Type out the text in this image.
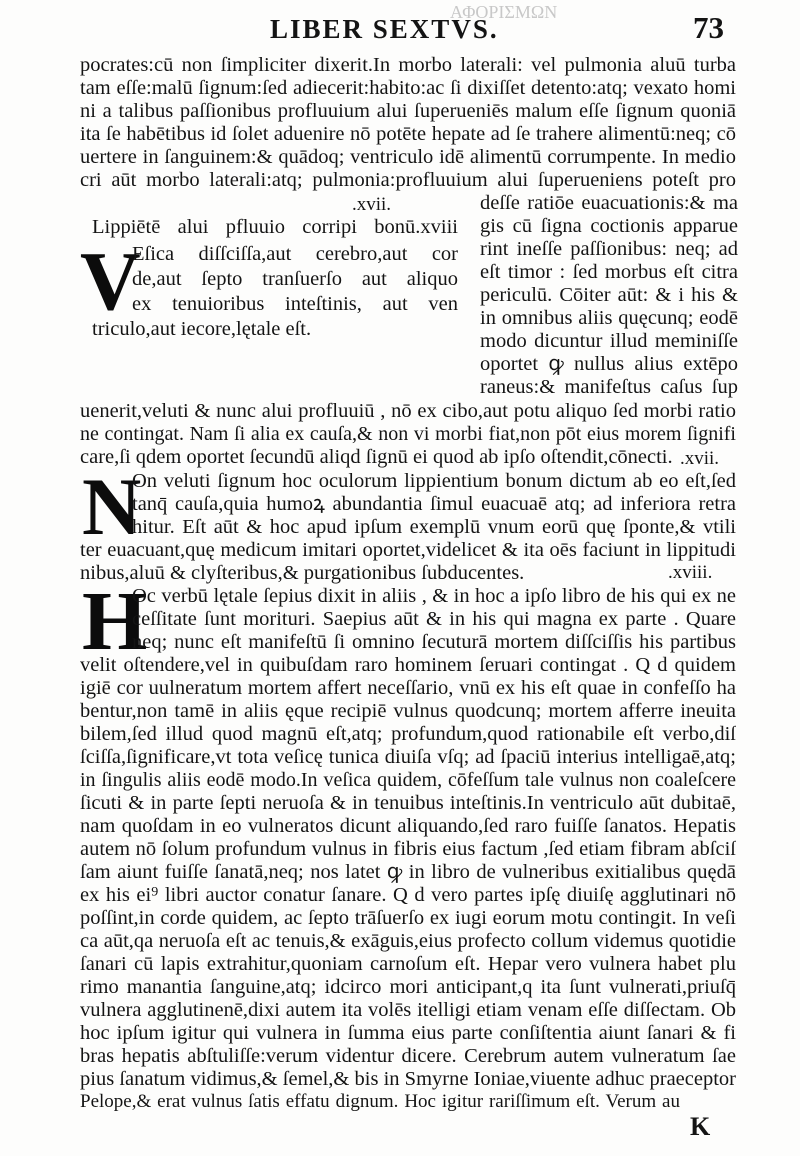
ΑΦΟΡΙΣΜΩΝ
LIBER SEXTVS.	73
pocrates:cū non ſimpliciter dixerit.In morbo laterali: vel pulmonia aluū turba
tam eſſe:malū ſignum:ſed adiecerit:habito:ac ſi dixiſſet detento:atq; vexato homi
ni a talibus paſſionibus profluuium alui ſuperueniēs malum eſſe ſignum quoniā
ita ſe habētibus id ſolet aduenire nō potēte hepate ad ſe trahere alimentū:neq; cō
uertere in ſanguinem:& quādoq; ventriculo idē alimentū corrumpente. In medio
cri aūt morbo laterali:atq; pulmonia:profluuium alui ſuperueniens poteſt pro
.xvii.
Lippiētē alui pfluuio corripi bonū.xviii
V
Eſica diſſciſſa,aut cerebro,aut cor
de,aut ſepto tranſuerſo aut aliquo
ex tenuioribus inteſtinis, aut ven
triculo,aut iecore,lętale eſt.
deſſe ratiōe euacuationis:& ma
gis cū ſigna coctionis apparue
rint ineſſe paſſionibus: neq; ad
eſt timor : ſed morbus eſt citra
periculū. Cōiter aūt: & i his &
in omnibus aliis quęcunq; eodē
modo dicuntur illud meminiſſe
oportet ꝙ nullus alius extēpo
raneus:& manifeſtus caſus ſup
uenerit,veluti & nunc alui profluuiū , nō ex cibo,aut potu aliquo ſed morbi ratio
ne contingat. Nam ſi alia ex cauſa,& non vi morbi fiat,non pōt eius morem ſignifi
care,ſi qdem oportet ſecundū aliqd ſignū ei quod ab ipſo oſtendit,cōnecti. .xvii.
N
On veluti ſignum hoc oculorum lippientium bonum dictum ab eo eſt,ſed
tanq̄ cauſa,quia humoꝝ abundantia ſimul euacuaē atq; ad inferiora retra
hitur. Eſt aūt & hoc apud ipſum exemplū vnum eorū quę ſponte,& vtili
ter euacuant,quę medicum imitari oportet,videlicet & ita oēs faciunt in lippitudi
nibus,aluū & clyſteribus,& purgationibus ſubducentes.	.xviii.
H
Oc verbū lętale ſepius dixit in aliis , & in hoc a ipſo libro de his qui ex ne
ceſſitate ſunt morituri. Saepius aūt & in his qui magna ex parte . Quare
neq; nunc eſt manifeſtū ſi omnino ſecuturā mortem diſſciſſis his partibus
velit oſtendere,vel in quibuſdam raro hominem ſeruari contingat . Q d quidem
igiē cor uulneratum mortem affert neceſſario, vnū ex his eſt quae in confeſſo ha
bentur,non tamē in aliis ęque recipiē vulnus quodcunq; mortem afferre ineuita
bilem,ſed illud quod magnū eſt,atq; profundum,quod rationabile eſt verbo,diſ
ſciſſa,ſignificare,vt tota veſicę tunica diuiſa vſq; ad ſpaciū interius intelligaē,atq;
in ſingulis aliis eodē modo.In veſica quidem, cōfeſſum tale vulnus non coaleſcere
ſicuti & in parte ſepti neruoſa & in tenuibus inteſtinis.In ventriculo aūt dubitaē,
nam quoſdam in eo vulneratos dicunt aliquando,ſed raro fuiſſe ſanatos. Hepatis
autem nō ſolum profundum vulnus in fibris eius factum ,ſed etiam fibram abſciſ
ſam aiunt fuiſſe ſanatā,neq; nos latet ꝙ in libro de vulneribus exitialibus quędā
ex his ei⁹ libri auctor conatur ſanare. Q d vero partes ipſę diuiſę agglutinari nō
poſſint,in corde quidem, ac ſepto trāſuerſo ex iugi eorum motu contingit. In veſi
ca aūt,qa neruoſa eſt ac tenuis,& exāguis,eius profecto collum videmus quotidie
ſanari cū lapis extrahitur,quoniam carnoſum eſt. Hepar vero vulnera habet plu
rimo manantia ſanguine,atq; idcirco mori anticipant,q ita ſunt vulnerati,priuſq̄
vulnera agglutinenē,dixi autem ita volēs itelligi etiam venam eſſe diſſectam. Ob
hoc ipſum igitur qui vulnera in ſumma eius parte conſiſtentia aiunt ſanari & fi
bras hepatis abſtuliſſe:verum videntur dicere. Cerebrum autem vulneratum ſae
pius ſanatum vidimus,& ſemel,& bis in Smyrne Ioniae,viuente adhuc praeceptor
Pelope,& erat vulnus ſatis effatu dignum. Hoc igitur rariſſimum eſt. Verum au
K
